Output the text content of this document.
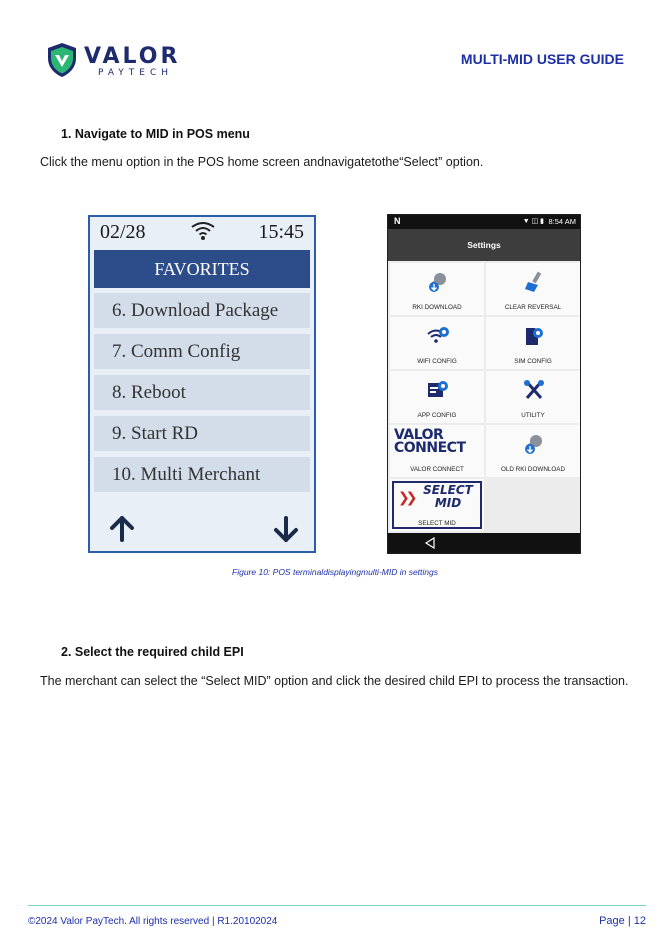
VALOR
PAYTECH
MULTI-MID USER GUIDE
1. Navigate to MID in POS menu
Click the menu option in the POS home screen andnavigatetothe“Select” option.
02/28	15:45
FAVORITES
6. Download Package
7. Comm Config
8. Reboot
9. Start RD
10. Multi Merchant
N	▼ ◫ ▮ 8:54 AM
Settings
RKI DOWNLOAD	CLEAR REVERSAL
WIFI CONFIG	SIM CONFIG
APP CONFIG	UTILITY
VALOR CONNECT
VALOR CONNECT	OLD RKI DOWNLOAD
❯❯ SELECT MID
SELECT MID
Figure 10: POS terminaldisplayingmulti-MID in settings
2. Select the required child EPI
The merchant can select the “Select MID” option and click the desired child EPI to process the transaction.
©2024 Valor PayTech. All rights reserved | R1.20102024	Page | 12
